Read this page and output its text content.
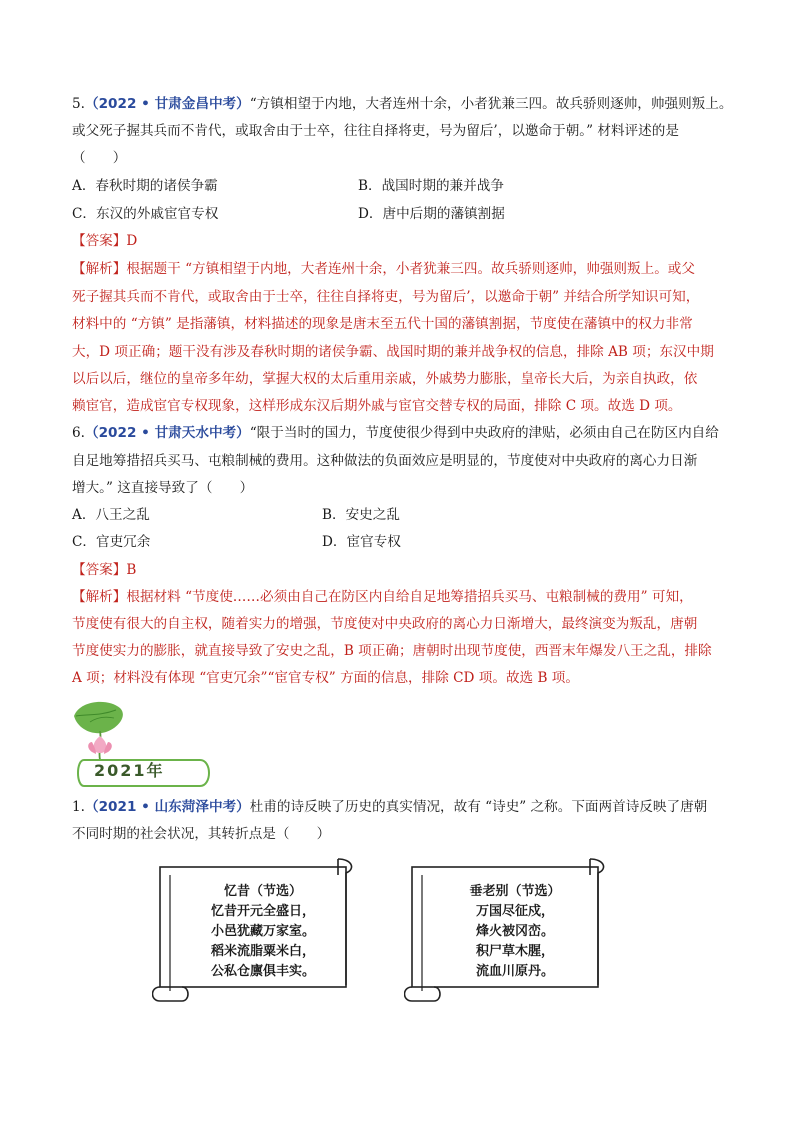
5.（2022 • 甘肃金昌中考）“方镇相望于内地，大者连州十余，小者犹兼三四。故兵骄则逐帅，帅强则叛上。
或父死子握其兵而不肯代，或取舍由于士卒，往往自择将吏，号为留后’，以邀命于朝。” 材料评述的是
（　　）
A．春秋时期的诸侯争霸	B．战国时期的兼并战争
C．东汉的外戚宦官专权	D．唐中后期的藩镇割据
【答案】D
【解析】根据题干 “方镇相望于内地，大者连州十余，小者犹兼三四。故兵骄则逐帅，帅强则叛上。或父
死子握其兵而不肯代，或取舍由于士卒，往往自择将吏，号为留后’，以邀命于朝” 并结合所学知识可知，
材料中的 “方镇” 是指藩镇，材料描述的现象是唐末至五代十国的藩镇割据，节度使在藩镇中的权力非常
大，D 项正确；题干没有涉及春秋时期的诸侯争霸、战国时期的兼并战争权的信息，排除 AB 项；东汉中期
以后以后，继位的皇帝多年幼，掌握大权的太后重用亲戚，外戚势力膨胀，皇帝长大后，为亲自执政，依
赖宦官，造成宦官专权现象，这样形成东汉后期外戚与宦官交替专权的局面，排除 C 项。故选 D 项。
6.（2022 • 甘肃天水中考）“限于当时的国力，节度使很少得到中央政府的津贴，必须由自己在防区内自给
自足地筹措招兵买马、屯粮制械的费用。这种做法的负面效应是明显的，节度使对中央政府的离心力日渐
增大。” 这直接导致了（　　）
A．八王之乱	B．安史之乱
C．官吏冗余	D．宦官专权
【答案】B
【解析】根据材料 “节度使……必须由自己在防区内自给自足地筹措招兵买马、屯粮制械的费用” 可知，
节度使有很大的自主权，随着实力的增强，节度使对中央政府的离心力日渐增大，最终演变为叛乱，唐朝
节度使实力的膨胀，就直接导致了安史之乱，B 项正确；唐朝时出现节度使，西晋末年爆发八王之乱，排除
A 项；材料没有体现 “官吏冗余”“宦官专权” 方面的信息，排除 CD 项。故选 B 项。
2021年
1.（2021 • 山东菏泽中考）杜甫的诗反映了历史的真实情况，故有 “诗史” 之称。下面两首诗反映了唐朝
不同时期的社会状况，其转折点是（　　）
忆昔（节选）
忆昔开元全盛日，
小邑犹藏万家室。
稻米流脂粟米白，
公私仓廪俱丰实。
垂老别（节选）
万国尽征戍，
烽火被冈峦。
积尸草木腥，
流血川原丹。
